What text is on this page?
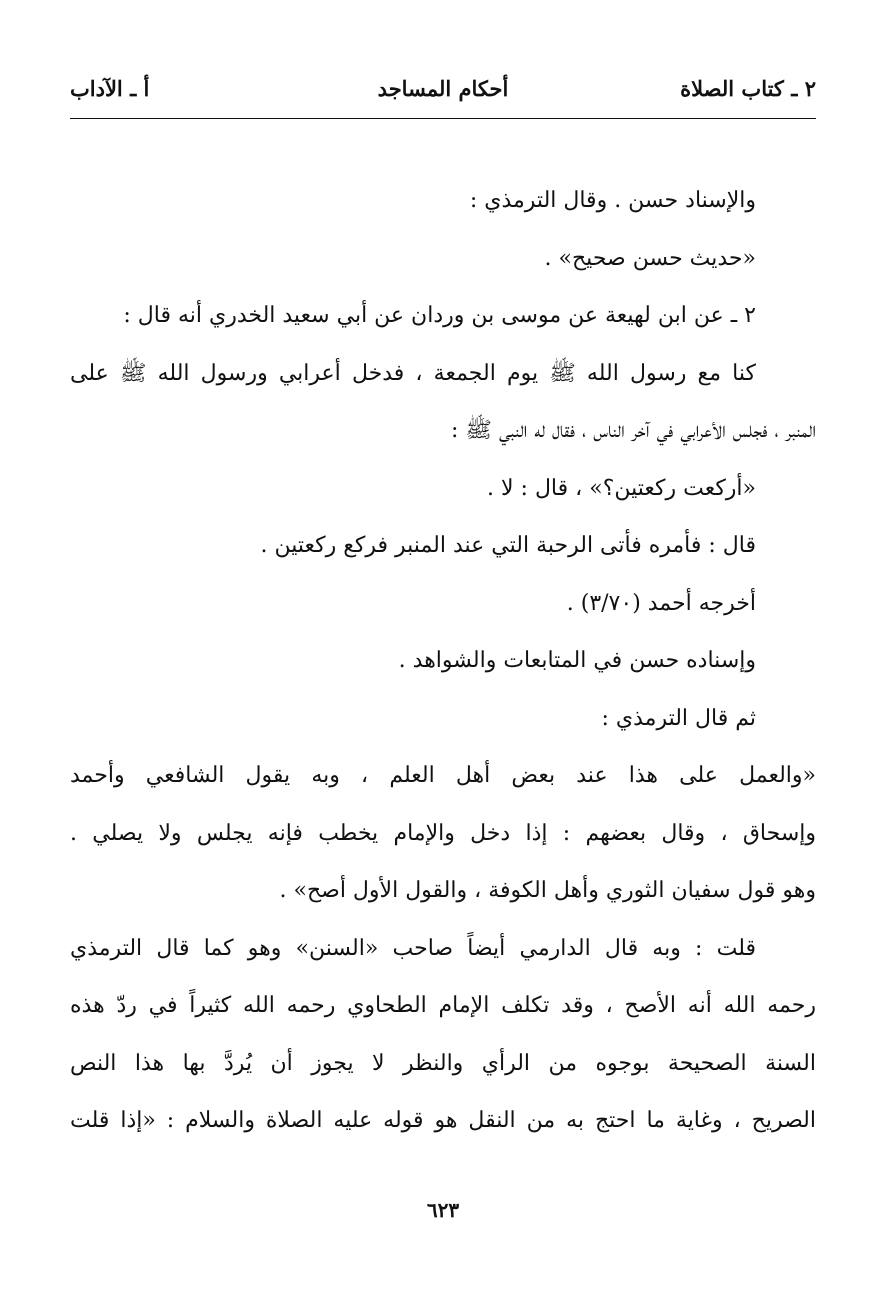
٢ ـ كتاب الصلاة
أحكام المساجد
أ ـ الآداب
والإسناد حسن . وقال الترمذي :
«حديث حسن صحيح» .
٢ ـ عن ابن لهيعة عن موسى بن وردان عن أبي سعيد الخدري أنه قال :
كنا مع رسول الله ﷺ يوم الجمعة ، فدخل أعرابي ورسول الله ﷺ على
المنبر ، فجلس الأعرابي في آخر الناس ، فقال له النبي ﷺ :
«أركعت ركعتين؟» ، قال : لا .
قال : فأمره فأتى الرحبة التي عند المنبر فركع ركعتين .
أخرجه أحمد (٣/٧٠) .
وإسناده حسن في المتابعات والشواهد .
ثم قال الترمذي :
«والعمل على هذا عند بعض أهل العلم ، وبه يقول الشافعي وأحمد
وإسحاق ، وقال بعضهم : إذا دخل والإمام يخطب فإنه يجلس ولا يصلي .
وهو قول سفيان الثوري وأهل الكوفة ، والقول الأول أصح» .
قلت : وبه قال الدارمي أيضاً صاحب «السنن» وهو كما قال الترمذي
رحمه الله أنه الأصح ، وقد تكلف الإمام الطحاوي رحمه الله كثيراً في ردّ هذه
السنة الصحيحة بوجوه من الرأي والنظر لا يجوز أن يُردَّ بها هذا النص
الصريح ، وغاية ما احتج به من النقل هو قوله عليه الصلاة والسلام : «إذا قلت
٦٢٣
